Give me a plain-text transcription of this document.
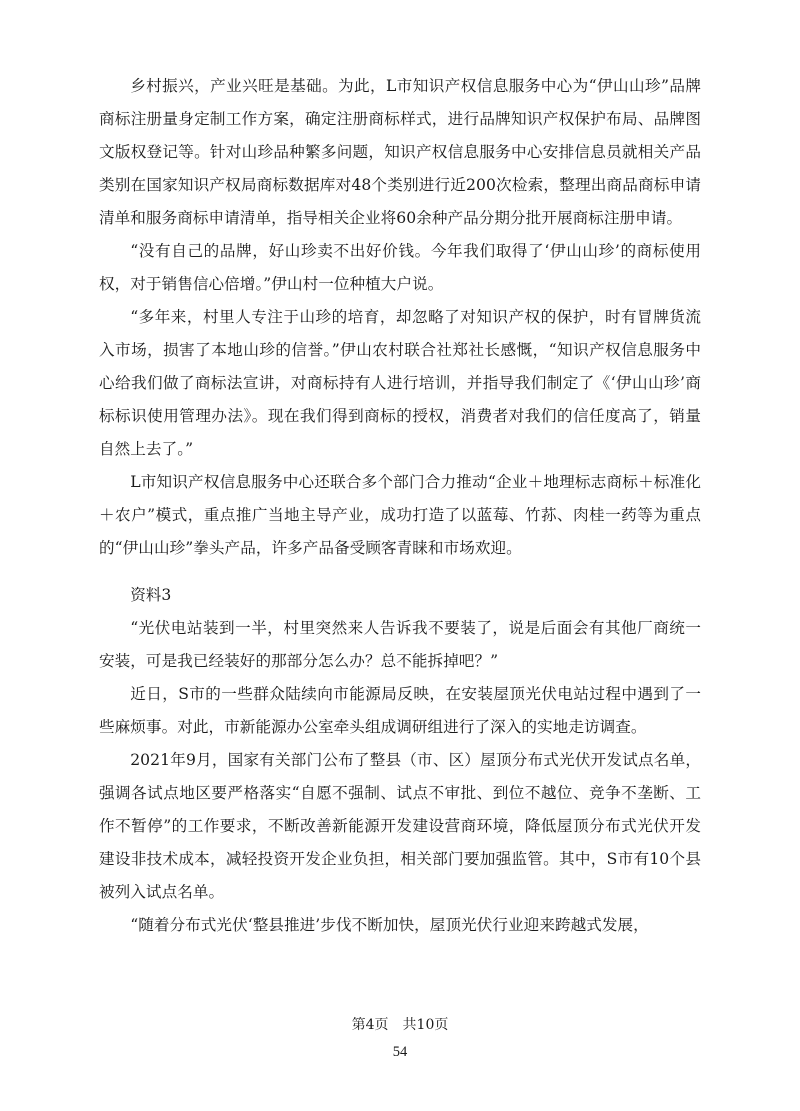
乡村振兴，产业兴旺是基础。为此，L市知识产权信息服务中心为“伊山山珍”品牌商标注册量身定制工作方案，确定注册商标样式，进行品牌知识产权保护布局、品牌图文版权登记等。针对山珍品种繁多问题，知识产权信息服务中心安排信息员就相关产品类别在国家知识产权局商标数据库对48个类别进行近200次检索，整理出商品商标申请清单和服务商标申请清单，指导相关企业将60余种产品分期分批开展商标注册申请。

“没有自己的品牌，好山珍卖不出好价钱。今年我们取得了‘伊山山珍’的商标使用权，对于销售信心倍增。”伊山村一位种植大户说。

“多年来，村里人专注于山珍的培育，却忽略了对知识产权的保护，时有冒牌货流入市场，损害了本地山珍的信誉。”伊山农村联合社郑社长感慨，“知识产权信息服务中心给我们做了商标法宣讲，对商标持有人进行培训，并指导我们制定了《‘伊山山珍’商标标识使用管理办法》。现在我们得到商标的授权，消费者对我们的信任度高了，销量自然上去了。”

L市知识产权信息服务中心还联合多个部门合力推动“企业＋地理标志商标＋标准化＋农户”模式，重点推广当地主导产业，成功打造了以蓝莓、竹荪、肉桂一药等为重点的“伊山山珍”拳头产品，许多产品备受顾客青睐和市场欢迎。

资料3

“光伏电站装到一半，村里突然来人告诉我不要装了，说是后面会有其他厂商统一安装，可是我已经装好的那部分怎么办？总不能拆掉吧？”

近日，S市的一些群众陆续向市能源局反映，在安装屋顶光伏电站过程中遇到了一些麻烦事。对此，市新能源办公室牵头组成调研组进行了深入的实地走访调查。

2021年9月，国家有关部门公布了整县（市、区）屋顶分布式光伏开发试点名单，强调各试点地区要严格落实“自愿不强制、试点不审批、到位不越位、竞争不垄断、工作不暂停”的工作要求，不断改善新能源开发建设营商环境，降低屋顶分布式光伏开发建设非技术成本，减轻投资开发企业负担，相关部门要加强监管。其中，S市有10个县被列入试点名单。

“随着分布式光伏‘整县推进’步伐不断加快，屋顶光伏行业迎来跨越式发展，

第4页　共10页
54
